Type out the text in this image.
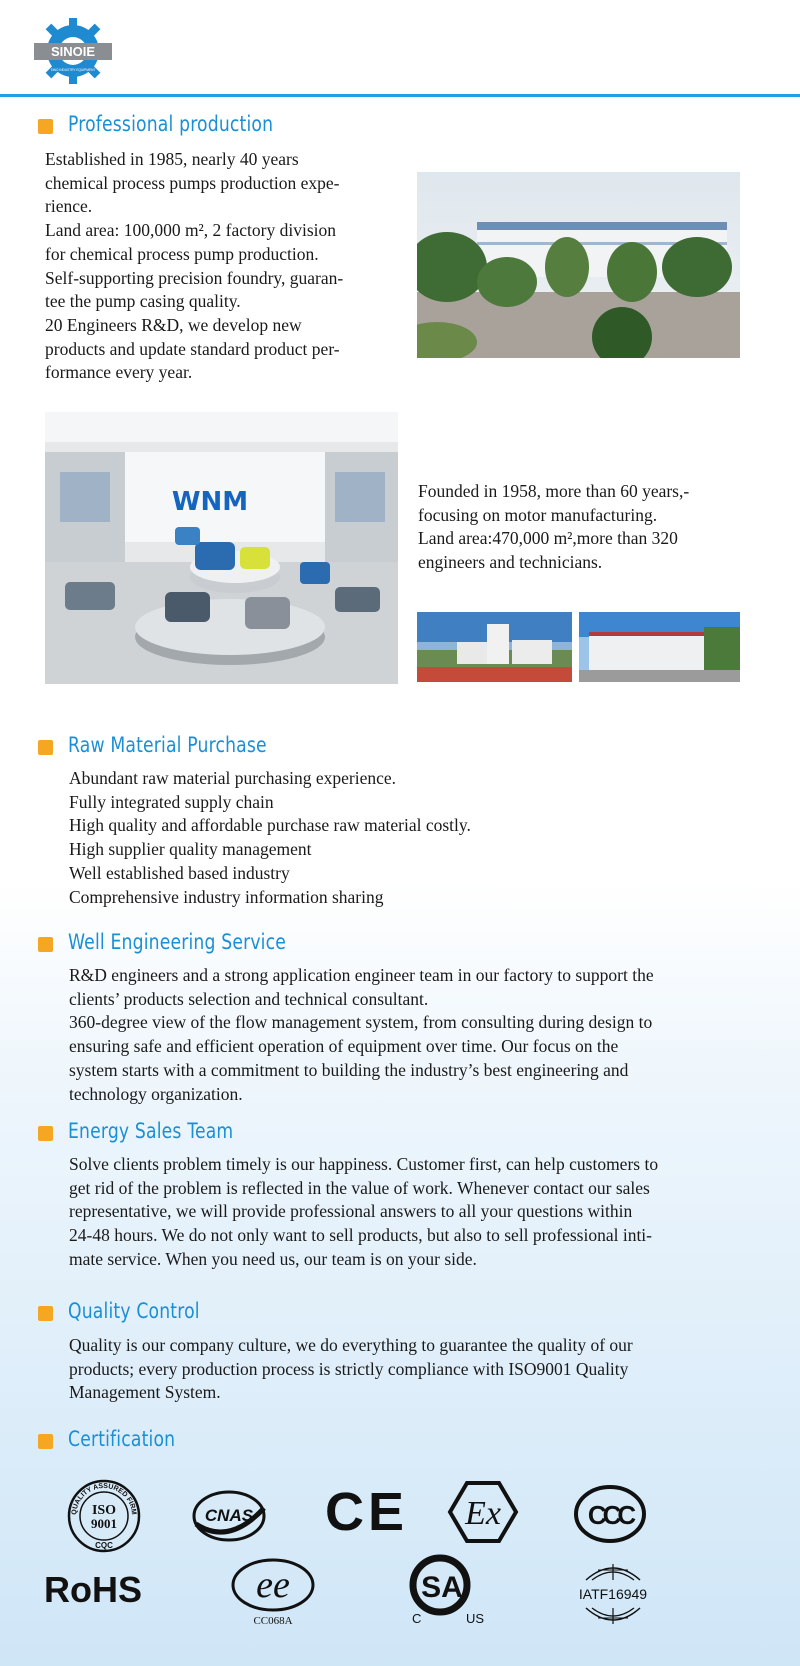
SINOIE
SINO INDUSTRY EQUIPMENT
Professional production
Established in 1985, nearly 40 years
chemical process pumps production expe-
rience.
Land area: 100,000 m², 2 factory division
for chemical process pump production.
Self-supporting precision foundry, guaran-
tee the pump casing quality.
20 Engineers R&D, we develop new
products and update standard product per-
formance every year.
WNM	Founded in 1958, more than 60 years,-
focusing on motor manufacturing.
Land area:470,000 m²,more than 320
engineers and technicians.
Raw Material Purchase
Abundant raw material purchasing experience.
Fully integrated supply chain
High quality and affordable purchase raw material costly.
High supplier quality management
Well established based industry
Comprehensive industry information sharing
Well Engineering Service
R&D engineers and a strong application engineer team in our factory to support the
clients’ products selection and technical consultant.
360-degree view of the flow management system, from consulting during design to
ensuring safe and efficient operation of equipment over time. Our focus on the
system starts with a commitment to building the industry’s best engineering and
technology organization.
Energy Sales Team
Solve clients problem timely is our happiness. Customer first, can help customers to
get rid of the problem is reflected in the value of work. Whenever contact our sales
representative, we will provide professional answers to all your questions within
24-48 hours. We do not only want to sell products, but also to sell professional inti-
mate service. When you need us, our team is on your side.
Quality Control
Quality is our company culture, we do everything to guarantee the quality of our
products; every production process is strictly compliance with ISO9001 Quality
Management System.
Certification
QUALITY ASSURED FIRM
ISO
9001
CQC
CNAS CE Ex	CCC
RoHS	ee
CC068A
SA
C	US
IATF16949
